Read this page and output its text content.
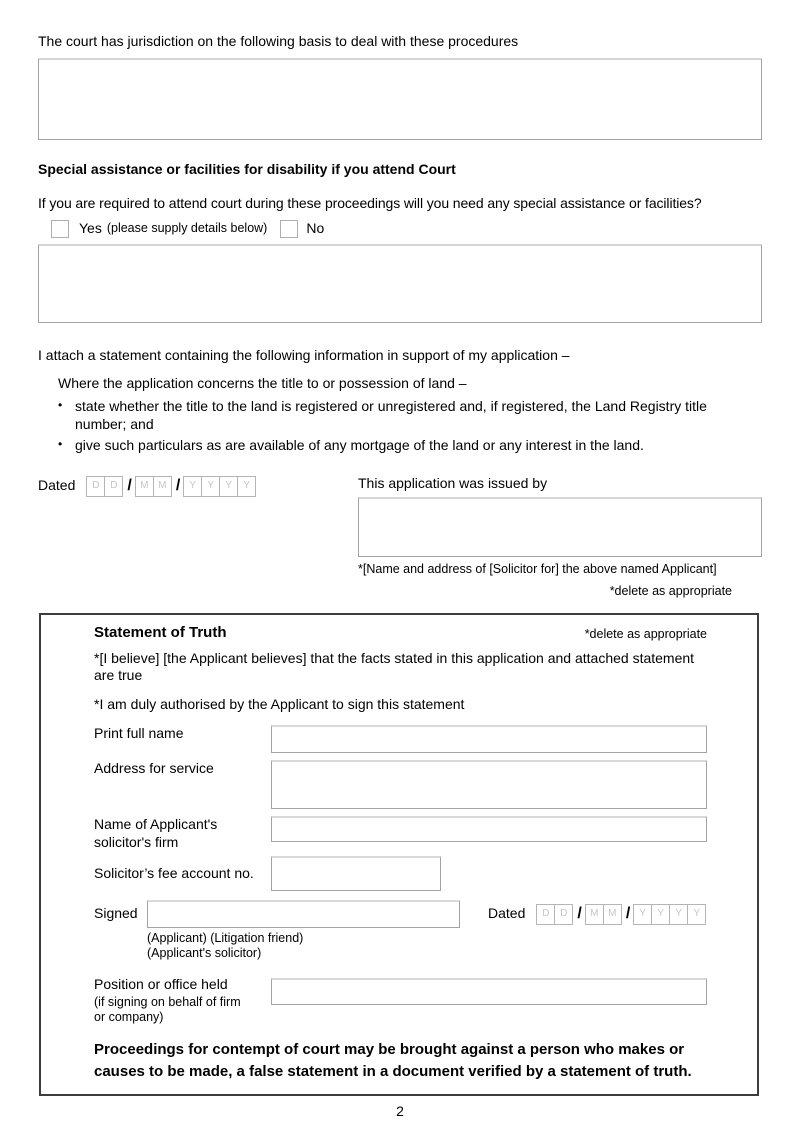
The court has jurisdiction on the following basis to deal with these procedures

Special assistance or facilities for disability if you attend Court

If you are required to attend court during these proceedings will you need any special assistance or facilities?

Yes (please supply details below)	No

I attach a statement containing the following information in support of my application –

Where the application concerns the title to or possession of land –

• state whether the title to the land is registered or unregistered and, if registered, the Land Registry title number; and
• give such particulars as are available of any mortgage of the land or any interest in the land.
Dated	D	D / M M / Y	Y	Y	Y	This application was issued by

*[Name and address of [Solicitor for] the above named Applicant]
*delete as appropriate
Statement of Truth	*delete as appropriate
*[I believe] [the Applicant believes] that the facts stated in this application and attached statement are true
*I am duly authorised by the Applicant to sign this statement
Print full name
Address for service
Name of Applicant's solicitor's firm
Solicitor’s fee account no.
Signed	Dated	D	D / M M / Y	Y	Y	Y
(Applicant) (Litigation friend)
(Applicant's solicitor)
Position or office held
(if signing on behalf of firm
or company)
Proceedings for contempt of court may be brought against a person who makes or causes to be made, a false statement in a document verified by a statement of truth.
2
